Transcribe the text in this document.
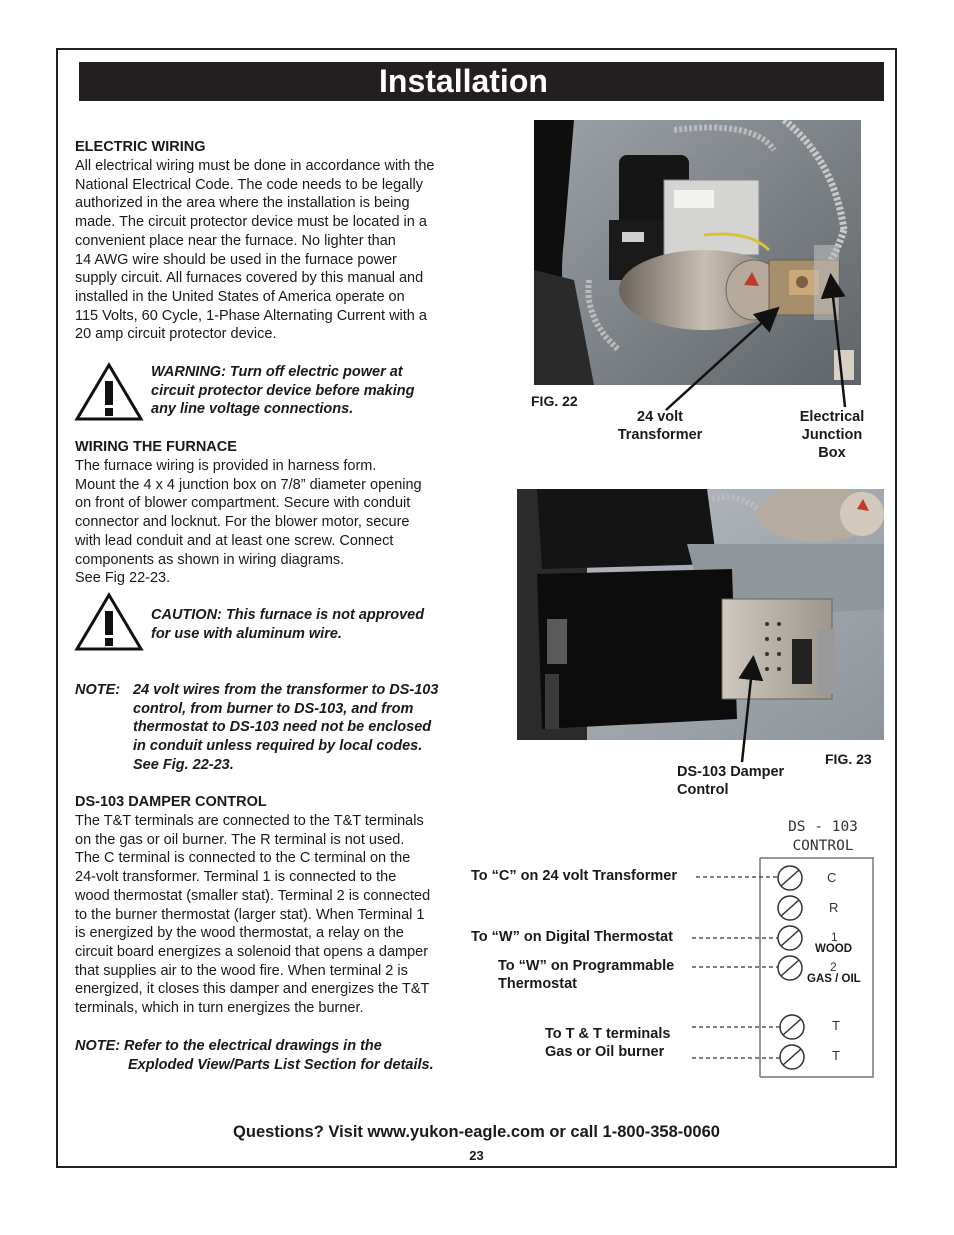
Installation
ELECTRIC WIRING
All electrical wiring must be done in accordance with the
National Electrical Code. The code needs to be legally
authorized in the area where the installation is being
made. The circuit protector device must be located in a
convenient place near the furnace. No lighter than
14 AWG wire should be used in the furnace power
supply circuit. All furnaces covered by this manual and
installed in the United States of America operate on
115 Volts, 60 Cycle, 1-Phase Alternating Current with a
20 amp circuit protector device.
WARNING: Turn off electric power at
circuit protector device before making
any line voltage connections.
WIRING THE FURNACE
The furnace wiring is provided in harness form.
Mount the 4 x 4 junction box on 7/8” diameter opening
on front of blower compartment. Secure with conduit
connector and locknut. For the blower motor, secure
with lead conduit and at least one screw. Connect
components as shown in wiring diagrams.
See Fig 22-23.
CAUTION: This furnace is not approved
for use with aluminum wire.
NOTE: 24 volt wires from the transformer to DS-103
control, from burner to DS-103, and from
thermostat to DS-103 need not be enclosed
in conduit unless required by local codes.
See Fig. 22-23.
DS-103 DAMPER CONTROL
The T&T terminals are connected to the T&T terminals
on the gas or oil burner. The R terminal is not used.
The C terminal is connected to the C terminal on the
24-volt transformer. Terminal 1 is connected to the
wood thermostat (smaller stat). Terminal 2 is connected
to the burner thermostat (larger stat). When Terminal 1
is energized by the wood thermostat, a relay on the
circuit board energizes a solenoid that opens a damper
that supplies air to the wood fire. When terminal 2 is
energized, it closes this damper and energizes the T&T
terminals, which in turn energizes the burner.
NOTE: Refer to the electrical drawings in the
Exploded View/Parts List Section for details.
FIG. 22
24 volt
Transformer
Electrical
Junction
Box
FIG. 23
DS-103 Damper
Control
DS - 103
CONTROL
C
R
1
2
T
T
WOOD
GAS / OIL
To “C” on 24 volt Transformer
To “W” on Digital Thermostat
To “W” on Programmable
Thermostat
To T & T terminals
Gas or Oil burner
Questions? Visit www.yukon-eagle.com or call 1-800-358-0060
23
